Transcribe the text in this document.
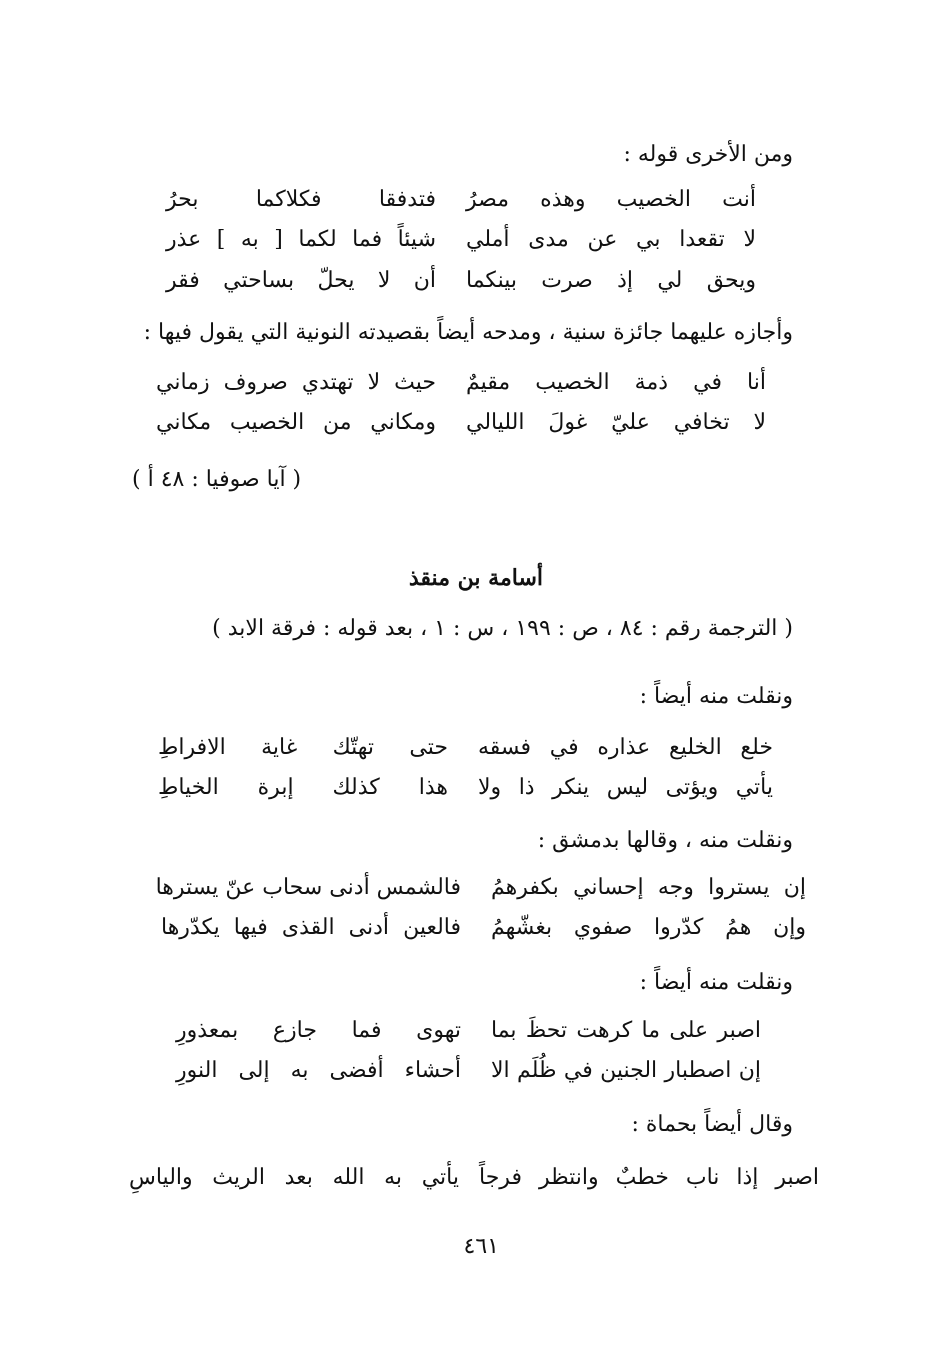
ومن الأخرى قوله :
أنت الخصيب وهذه مصرُ
فتدفقا فكلاكما بحرُ
لا تقعدا بي عن مدى أملي
شيئاً فما لكما [ به ] عذر
ويحق لي إذ صرت بينكما
أن لا يحلّ بساحتي فقر
وأجازه عليهما جائزة سنية ، ومدحه أيضاً بقصيدته النونية التي يقول فيها :
أنا في ذمة الخصيب مقيمٌ
حيث لا تهتدي صروف زماني
لا تخافي عليّ غولَ الليالي
ومكاني من الخصيب مكاني
( آيا صوفيا : ٤٨ أ )
أسامة بن منقذ
( الترجمة رقم : ٨٤ ، ص : ١٩٩ ، س : ١ ، بعد قوله : فرقة الابد )
ونقلت منه أيضاً :
خلع الخليع عذاره في فسقه
حتى تهتّك غاية الافراطِ
يأتي ويؤتى ليس ينكر ذا ولا
هذا كذلك إبرة الخياطِ
ونقلت منه ، وقالها بدمشق :
إن يستروا وجه إحساني بكفرهمُ
فالشمس أدنى سحاب عنّ يسترها
وإن همُ كدّروا صفوي بغشّهمُ
فالعين أدنى القذى فيها يكدّرها
ونقلت منه أيضاً :
اصبر على ما كرهت تحظَ بما
تهوى فما جازع بمعذورِ
إن اصطبار الجنين في ظُلَم الا
أحشاء أفضى به إلى النورِ
وقال أيضاً بحماة :
اصبر إذا ناب خطبٌ وانتظر فرجاً
يأتي به الله بعد الريث والياسِ
٤٦١
